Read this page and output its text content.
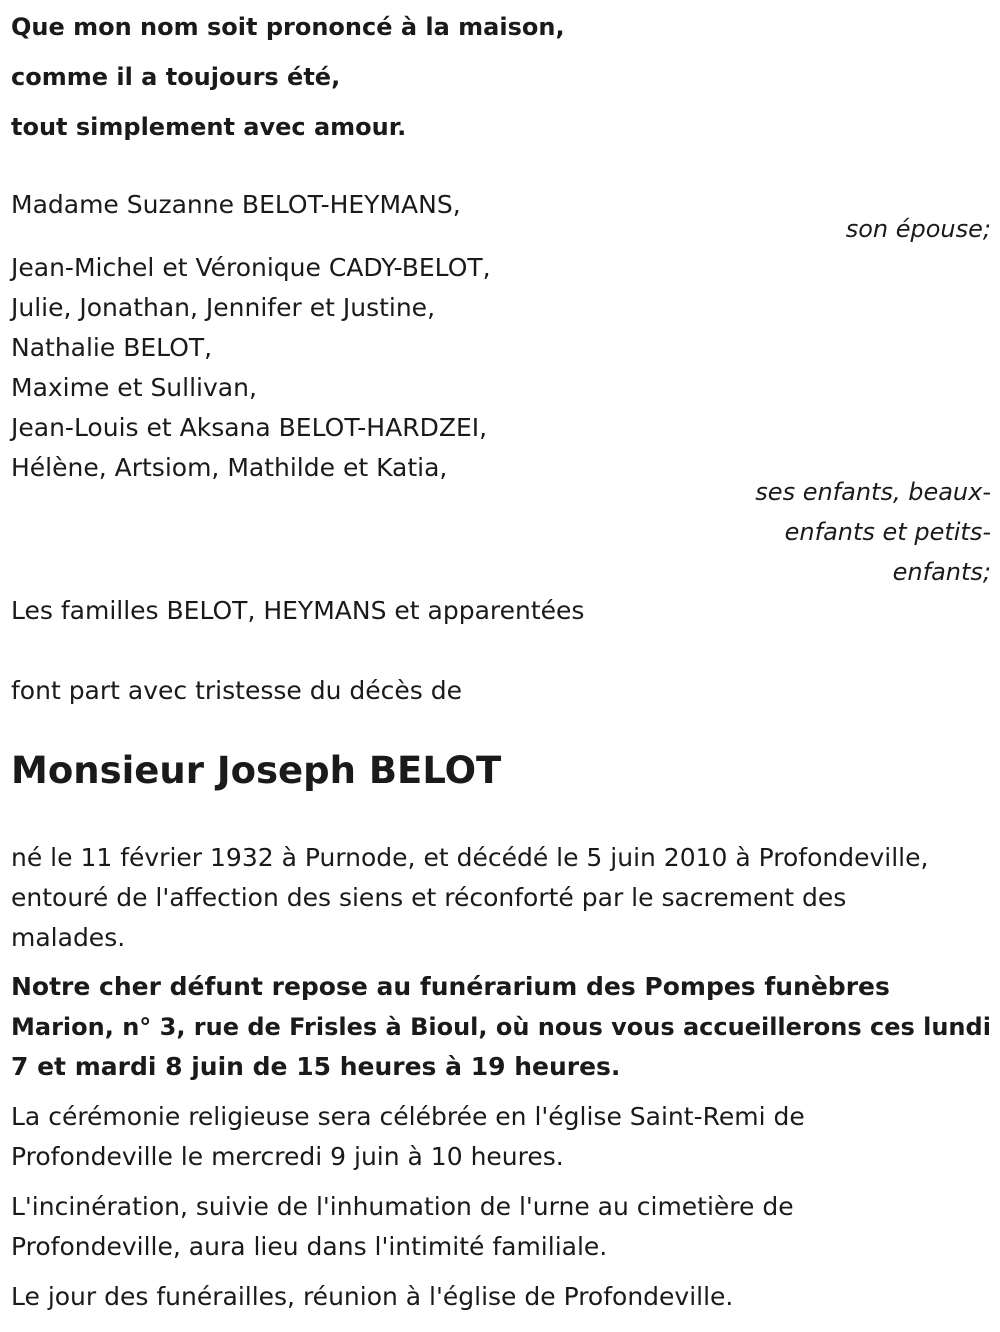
Que mon nom soit prononcé à la maison,
comme il a toujours été,
tout simplement avec amour.
Madame Suzanne BELOT-HEYMANS,
son épouse;
Jean-Michel et Véronique CADY-BELOT,
Julie, Jonathan, Jennifer et Justine,
Nathalie BELOT,
Maxime et Sullivan,
Jean-Louis et Aksana BELOT-HARDZEI,
Hélène, Artsiom, Mathilde et Katia,
ses enfants, beaux-
enfants et petits-
enfants;
Les familles BELOT, HEYMANS et apparentées
font part avec tristesse du décès de
Monsieur Joseph BELOT
né le 11 février 1932 à Purnode, et décédé le 5 juin 2010 à Profondeville,
entouré de l'affection des siens et réconforté par le sacrement des
malades.
Notre cher défunt repose au funérarium des Pompes funèbres
Marion, n° 3, rue de Frisles à Bioul, où nous vous accueillerons ces lundi
7 et mardi 8 juin de 15 heures à 19 heures.
La cérémonie religieuse sera célébrée en l'église Saint-Remi de
Profondeville le mercredi 9 juin à 10 heures.
L'incinération, suivie de l'inhumation de l'urne au cimetière de
Profondeville, aura lieu dans l'intimité familiale.
Le jour des funérailles, réunion à l'église de Profondeville.
